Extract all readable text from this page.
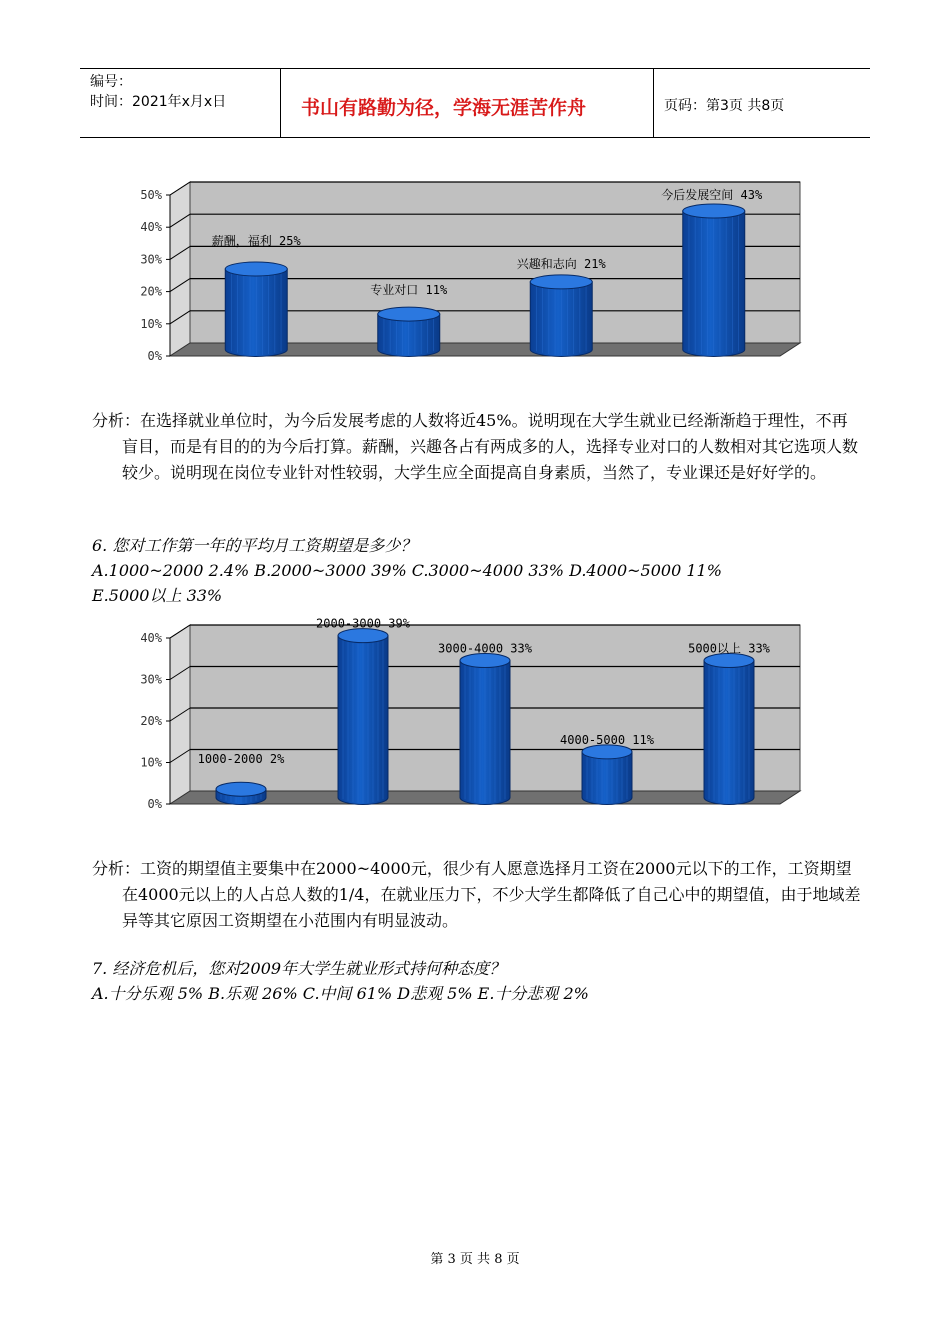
编号：
时间：2021年x月x日	书山有路勤为径，学海无涯苦作舟	页码：第3页 共8页
0%
10%
20%
30%
40%
50%
薪酬，福利 25%
专业对口 11%
兴趣和志向 21%
今后发展空间 43%
分析：在选择就业单位时，为今后发展考虑的人数将近45%。说明现在大学生就业已经渐渐趋于理性，不再盲目，而是有目的的为今后打算。薪酬，兴趣各占有两成多的人，选择专业对口的人数相对其它选项人数较少。说明现在岗位专业针对性较弱，大学生应全面提高自身素质，当然了，专业课还是好好学的。
6. 您对工作第一年的平均月工资期望是多少？
A.1000~2000 2.4% B.2000~3000 39% C.3000~4000 33% D.4000~5000 11%
E.5000以上 33%
0%
10%
20%
30%
40%
1000-2000 2%
2000-3000 39%
3000-4000 33%
4000-5000 11%
5000以上 33%
分析：工资的期望值主要集中在2000~4000元，很少有人愿意选择月工资在2000元以下的工作，工资期望在4000元以上的人占总人数的1/4，在就业压力下，不少大学生都降低了自己心中的期望值，由于地域差异等其它原因工资期望在小范围内有明显波动。
7. 经济危机后，您对2009年大学生就业形式持何种态度？
A.十分乐观 5% B.乐观 26% C.中间 61% D悲观 5% E.十分悲观 2%
第 3 页 共 8 页
